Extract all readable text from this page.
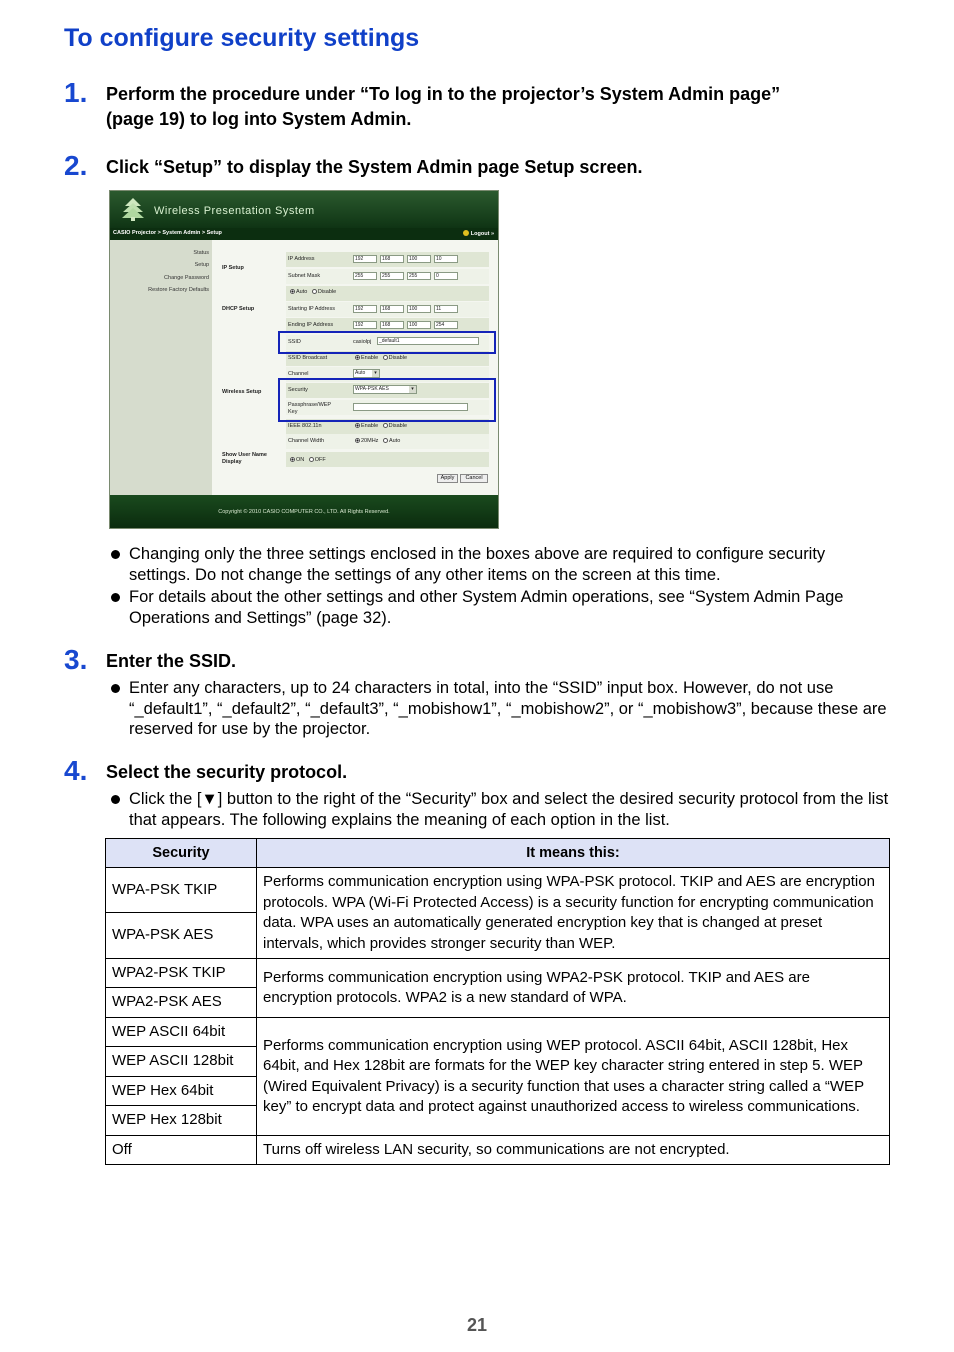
To configure security settings
1. Perform the procedure under “To log in to the projector’s System Admin page”
(page 19) to log into System Admin.
2. Click “Setup” to display the System Admin page Setup screen.
Wireless Presentation System
CASIO Projector > System Admin > Setup	Logout »
Status
Setup
Change Password
Restore Factory Defaults
IP Setup
DHCP Setup
Wireless Setup
Show User Name
Display
IP Address	192	168	100	10
Subnet Mask	255	255	255	0
Auto Disable
Starting IP Address	192	168	100	11
Ending IP Address	192	168	100	254
SSID	casiolpj	_default1
SSID Broadcast	Enable Disable
Channel	Auto	▾
Security	WPA-PSK AES	▾
Passphrase/WEP
Key
IEEE 802.11n	Enable Disable
Channel Width	20MHz Auto
ON OFF
Apply	Cancel
Copyright © 2010 CASIO COMPUTER CO., LTD. All Rights Reserved.
Changing only the three settings enclosed in the boxes above are required to configure security settings. Do not change the settings of any other items on the screen at this time.
For details about the other settings and other System Admin operations, see “System Admin Page Operations and Settings” (page 32).
3. Enter the SSID.
Enter any characters, up to 24 characters in total, into the “SSID” input box. However, do not use “_default1”, “_default2”, “_default3”, “_mobishow1”, “_mobishow2”, or “_mobishow3”, because these are reserved for use by the projector.
4. Select the security protocol.
Click the [▼] button to the right of the “Security” box and select the desired security protocol from the list that appears. The following explains the meaning of each option in the list.
Security	It means this:
WPA-PSK TKIP	Performs communication encryption using WPA-PSK protocol. TKIP and AES are encryption protocols. WPA (Wi-Fi Protected Access) is a security function for encrypting communication data. WPA uses an automatically generated encryption key that is changed at preset intervals, which provides stronger security than WEP.
WPA-PSK AES	
WPA2-PSK TKIP	Performs communication encryption using WPA2-PSK protocol. TKIP and AES are encryption protocols. WPA2 is a new standard of WPA.
WPA2-PSK AES	
WEP ASCII 64bit	Performs communication encryption using WEP protocol. ASCII 64bit, ASCII 128bit, Hex 64bit, and Hex 128bit are formats for the WEP key character string entered in step 5. WEP (Wired Equivalent Privacy) is a security function that uses a character string called a “WEP key” to encrypt data and protect against unauthorized access to wireless communications.
WEP ASCII 128bit	
WEP Hex 64bit	
WEP Hex 128bit	
Off	Turns off wireless LAN security, so communications are not encrypted.
21
